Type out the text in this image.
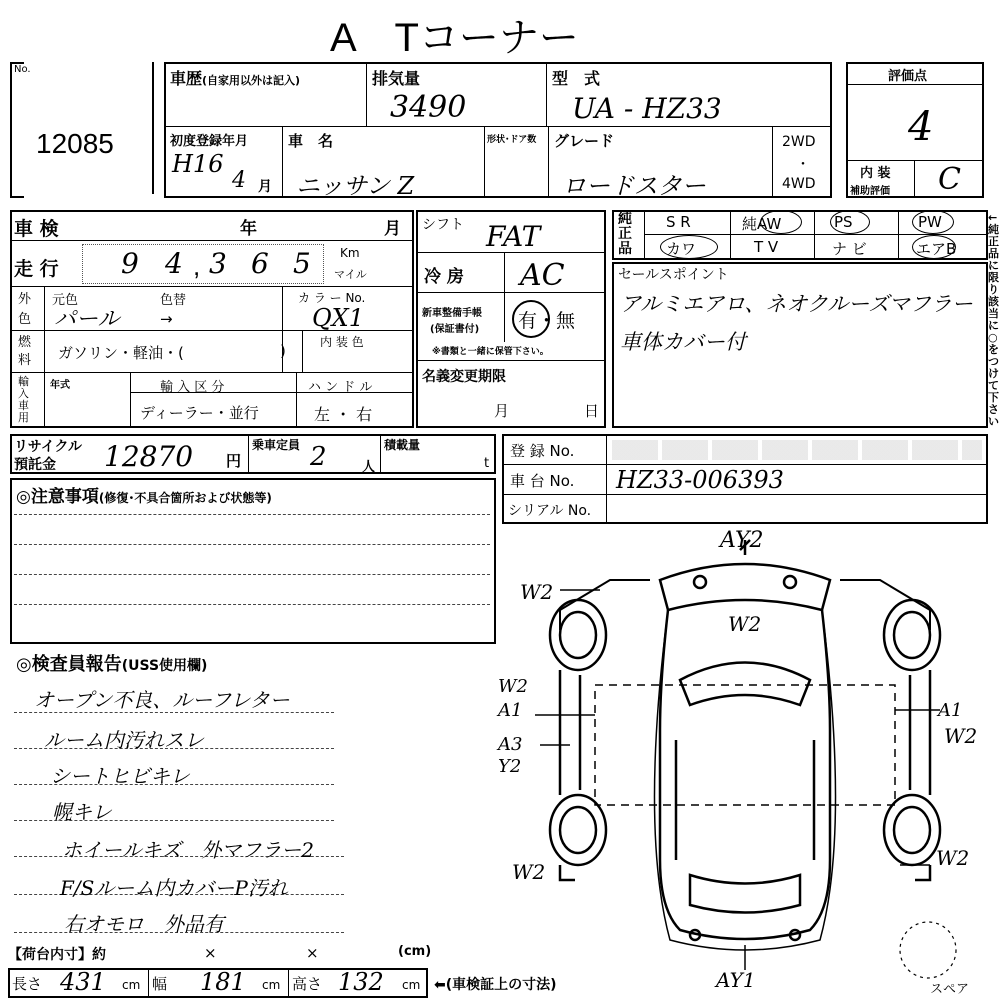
A　Tコーナー
No.
12085
車歴(自家用以外は記入)	排気量
3490
型　式
UA - HZ33
初度登録年月
H16
4 月
車　名
ニッサン Z
形状･ドア数 グレード
ロードスター
2WD
・
4WD
評価点
4
内 装
補助評価 C
車 検	年	月
走 行 9 4 , 3 6 5 Km
マイル
外色
元色	色替	カ ラ ー No.
パール	→	QX1
燃料	ガソリン・軽油・(	)	内 装 色
輸入車用
年式	輸 入 区 分
ディーラー・並行
ハ ン ド ル
左 ・ 右
シフト FAT
冷 房 AC
新車整備手帳
(保証書付) 有・無
※書類と一緒に保管下さい。
名義変更期限
月	日
純正品
S R	純AW	PS	PW
カワ	T V	ナ ビ	エアB
←純正品に限り該当に○をつけて下さい
セールスポイント
アルミエアロ、ネオクルーズマフラー
車体カバー付
リサイクル
預託金 12870 円
乗車定員 2	人
積載量
t
登 録 No.
車 台 No. HZ33-006393
シリアル No.
◎注意事項(修復･不具合箇所および状態等)
◎検査員報告(USS使用欄)
オープン不良、ルーフレター
ルーム内汚れスレ
シートヒビキレ
幌キレ
ホイールキズ　外マフラー2
F/Sルーム内カバーP汚れ
右オモロ　外品有
【荷台内寸】約	×	×	(cm)
長さ 431 cm 幅 181 cm 高さ 132 cm ⬅(車検証上の寸法)
AY2
W2
W2
W2
A1
A3
Y2
W2
A1
W2
W2
AY1	スペア
